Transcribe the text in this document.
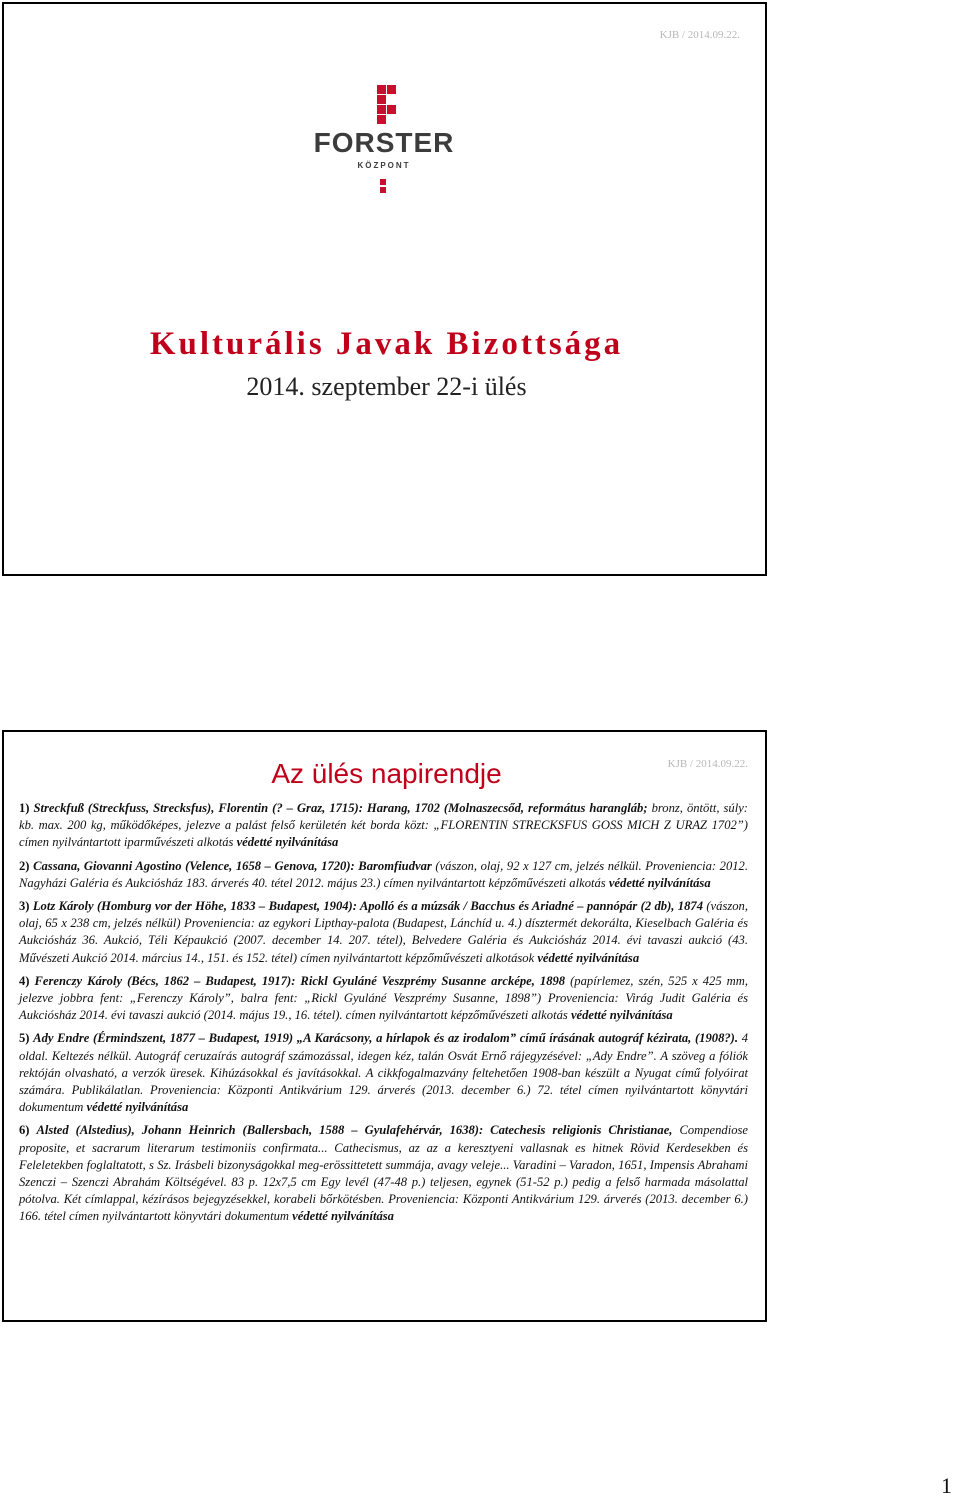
KJB / 2014.09.22.
FORSTER
KÖZPONT
Kulturális Javak Bizottsága
2014. szeptember 22-i ülés
KJB / 2014.09.22.
Az ülés napirendje
1) Streckfuß (Streckfuss, Strecksfus), Florentin (? – Graz, 1715): Harang, 1702 (Molnaszecsőd, református harangláb; bronz, öntött, súly: kb. max. 200 kg, működőképes, jelezve a palást felső kerületén két borda közt: „FLORENTIN STRECKSFUS GOSS MICH Z URAZ 1702”) címen nyilvántartott iparművészeti alkotás védetté nyilvánítása
2) Cassana, Giovanni Agostino (Velence, 1658 – Genova, 1720): Baromfiudvar (vászon, olaj, 92 x 127 cm, jelzés nélkül. Proveniencia: 2012. Nagyházi Galéria és Aukciósház 183. árverés 40. tétel 2012. május 23.) címen nyilvántartott képzőművészeti alkotás védetté nyilvánítása
3) Lotz Károly (Homburg vor der Höhe, 1833 – Budapest, 1904): Apolló és a múzsák / Bacchus és Ariadné – pannópár (2 db), 1874 (vászon, olaj, 65 x 238 cm, jelzés nélkül) Proveniencia: az egykori Lipthay-palota (Budapest, Lánchíd u. 4.) dísztermét dekorálta, Kieselbach Galéria és Aukciósház 36. Aukció, Téli Képaukció (2007. december 14. 207. tétel), Belvedere Galéria és Aukciósház 2014. évi tavaszi aukció (43. Művészeti Aukció 2014. március 14., 151. és 152. tétel) címen nyilvántartott képzőművészeti alkotások védetté nyilvánítása
4) Ferenczy Károly (Bécs, 1862 – Budapest, 1917): Rickl Gyuláné Veszprémy Susanne arcképe, 1898 (papírlemez, szén, 525 x 425 mm, jelezve jobbra fent: „Ferenczy Károly”, balra fent: „Rickl Gyuláné Veszprémy Susanne, 1898”) Proveniencia: Virág Judit Galéria és Aukciósház 2014. évi tavaszi aukció (2014. május 19., 16. tétel). címen nyilvántartott képzőművészeti alkotás védetté nyilvánítása
5) Ady Endre (Érmindszent, 1877 – Budapest, 1919) „A Karácsony, a hírlapok és az irodalom” című írásának autográf kézirata, (1908?). 4 oldal. Keltezés nélkül. Autográf ceruzaírás autográf számozással, idegen kéz, talán Osvát Ernő rájegyzésével: „Ady Endre”. A szöveg a fóliók rektóján olvasható, a verzók üresek. Kihúzásokkal és javításokkal. A cikkfogalmazvány feltehetően 1908-ban készült a Nyugat című folyóirat számára. Publikálatlan. Proveniencia: Központi Antikvárium 129. árverés (2013. december 6.) 72. tétel címen nyilvántartott könyvtári dokumentum védetté nyilvánítása
6) Alsted (Alstedius), Johann Heinrich (Ballersbach, 1588 – Gyulafehérvár, 1638): Catechesis religionis Christianae, Compendiose proposite, et sacrarum literarum testimoniis confirmata... Cathecismus, az az a keresztyeni vallasnak es hitnek Rövid Kerdesekben és Feleletekben foglaltatott, s Sz. Irásbeli bizonyságokkal meg-erössittetett summája, avagy veleje... Varadini – Varadon, 1651, Impensis Abrahami Szenczi – Szenczi Abrahám Költségével. 83 p. 12x7,5 cm Egy levél (47-48 p.) teljesen, egynek (51-52 p.) pedig a felső harmada másolattal pótolva. Két címlappal, kézírásos bejegyzésekkel, korabeli bőrkötésben. Proveniencia: Központi Antikvárium 129. árverés (2013. december 6.) 166. tétel címen nyilvántartott könyvtári dokumentum védetté nyilvánítása
1
